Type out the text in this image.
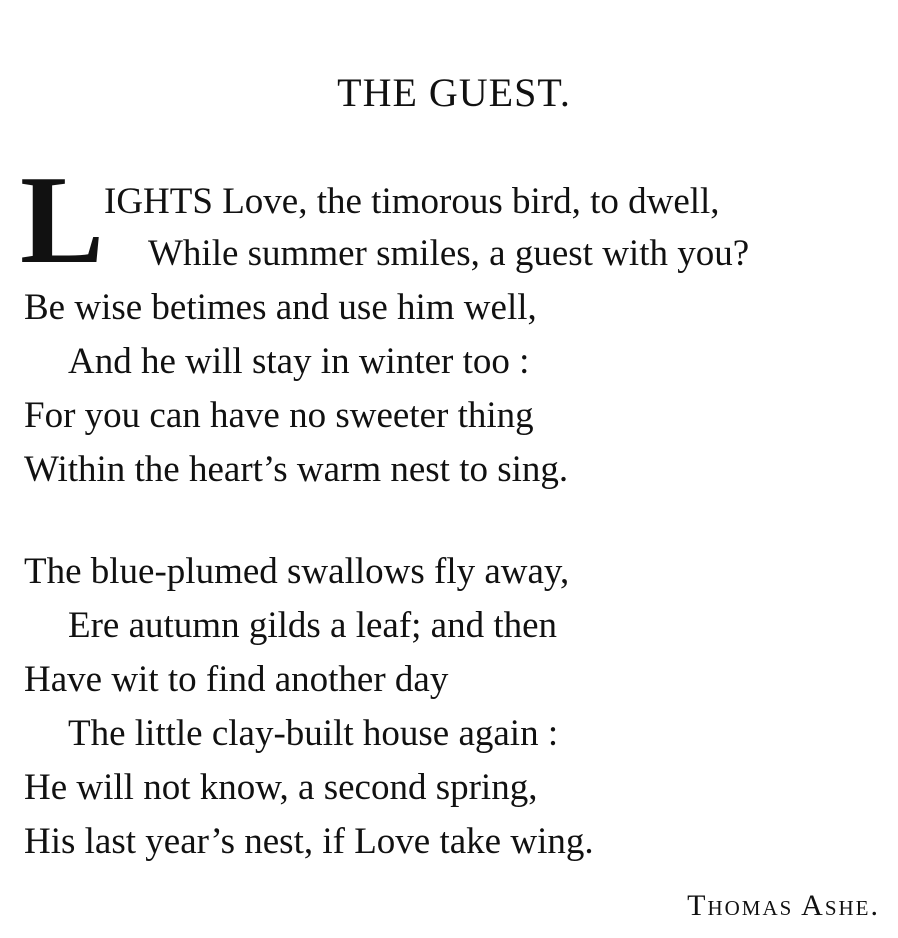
THE GUEST.
L IGHTS Love, the timorous bird, to dwell,
While summer smiles, a guest with you?
Be wise betimes and use him well,
And he will stay in winter too :
For you can have no sweeter thing
Within the heart’s warm nest to sing.
The blue-plumed swallows fly away,
Ere autumn gilds a leaf; and then
Have wit to find another day
The little clay-built house again :
He will not know, a second spring,
His last year’s nest, if Love take wing.
Thomas Ashe.
